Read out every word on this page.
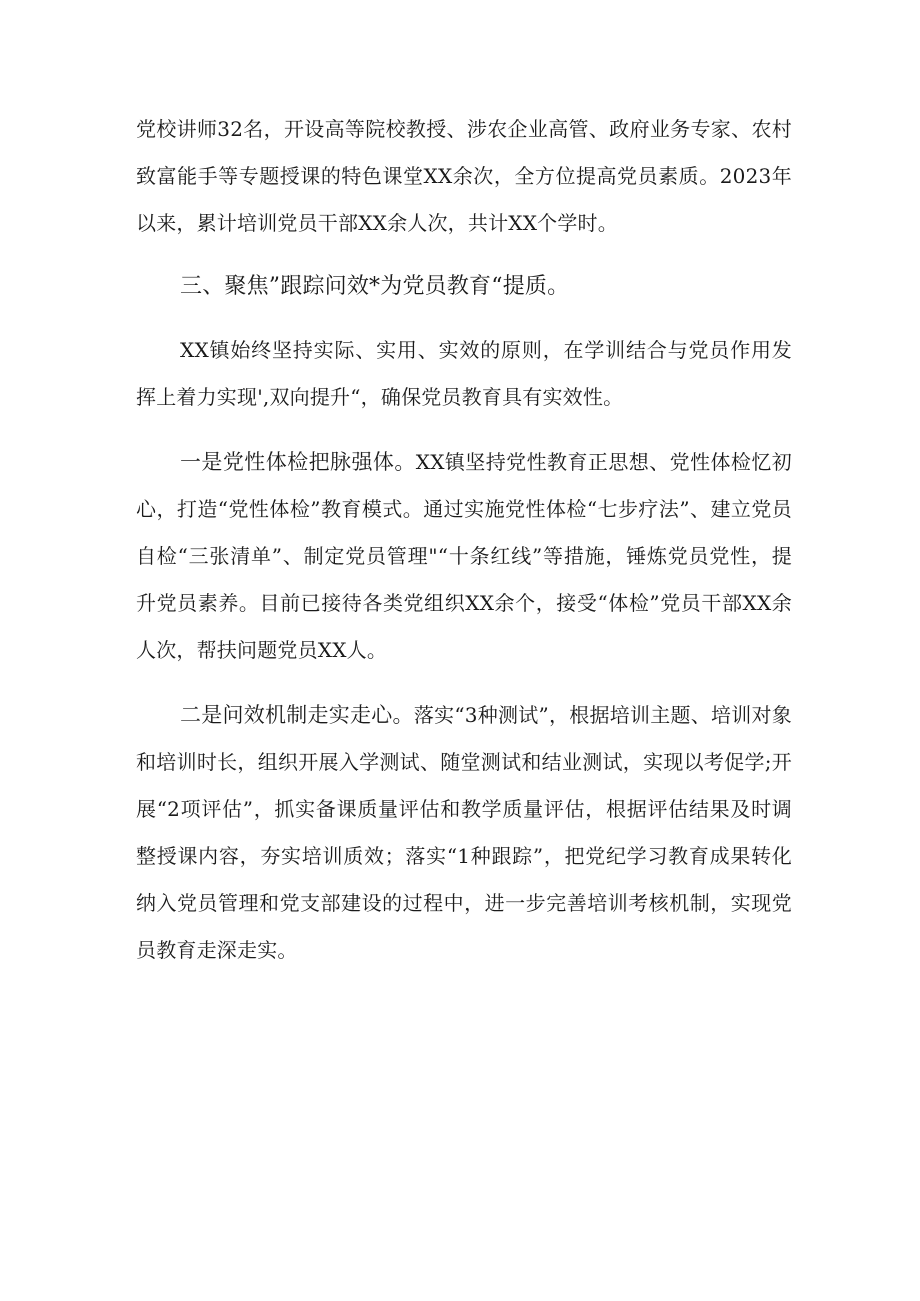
党校讲师32名，开设高等院校教授、涉农企业高管、政府业务专家、农村致富能手等专题授课的特色课堂XX余次，全方位提高党员素质。2023年以来，累计培训党员干部XX余人次，共计XX个学时。

三、聚焦”跟踪问效*为党员教育“提质。

XX镇始终坚持实际、实用、实效的原则，在学训结合与党员作用发挥上着力实现',双向提升“，确保党员教育具有实效性。

一是党性体检把脉强体。XX镇坚持党性教育正思想、党性体检忆初心，打造“党性体检”教育模式。通过实施党性体检“七步疗法”、建立党员自检“三张清单”、制定党员管理"“十条红线”等措施，锤炼党员党性，提升党员素养。目前已接待各类党组织XX余个，接受“体检”党员干部XX余人次，帮扶问题党员XX人。

二是问效机制走实走心。落实“3种测试”，根据培训主题、培训对象和培训时长，组织开展入学测试、随堂测试和结业测试，实现以考促学;开展“2项评估”，抓实备课质量评估和教学质量评估，根据评估结果及时调整授课内容，夯实培训质效；落实“1种跟踪”，把党纪学习教育成果转化纳入党员管理和党支部建设的过程中，进一步完善培训考核机制，实现党员教育走深走实。
